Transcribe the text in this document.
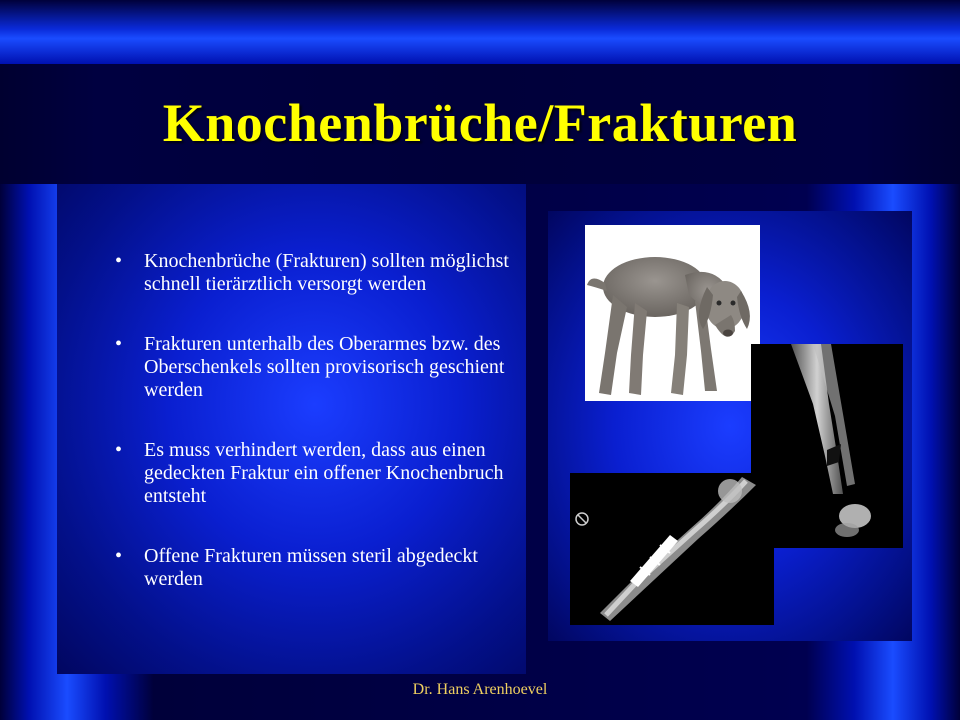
Knochenbrüche/Frakturen
• Knochenbrüche (Frakturen) sollten möglichst schnell tierärztlich versorgt werden
• Frakturen unterhalb des Oberarmes bzw. des Oberschenkels sollten provisorisch geschient werden
• Es muss verhindert werden, dass aus einen gedeckten Fraktur ein offener Knochenbruch entsteht
• Offene Frakturen müssen steril abgedeckt werden
Dr. Hans Arenhoevel
